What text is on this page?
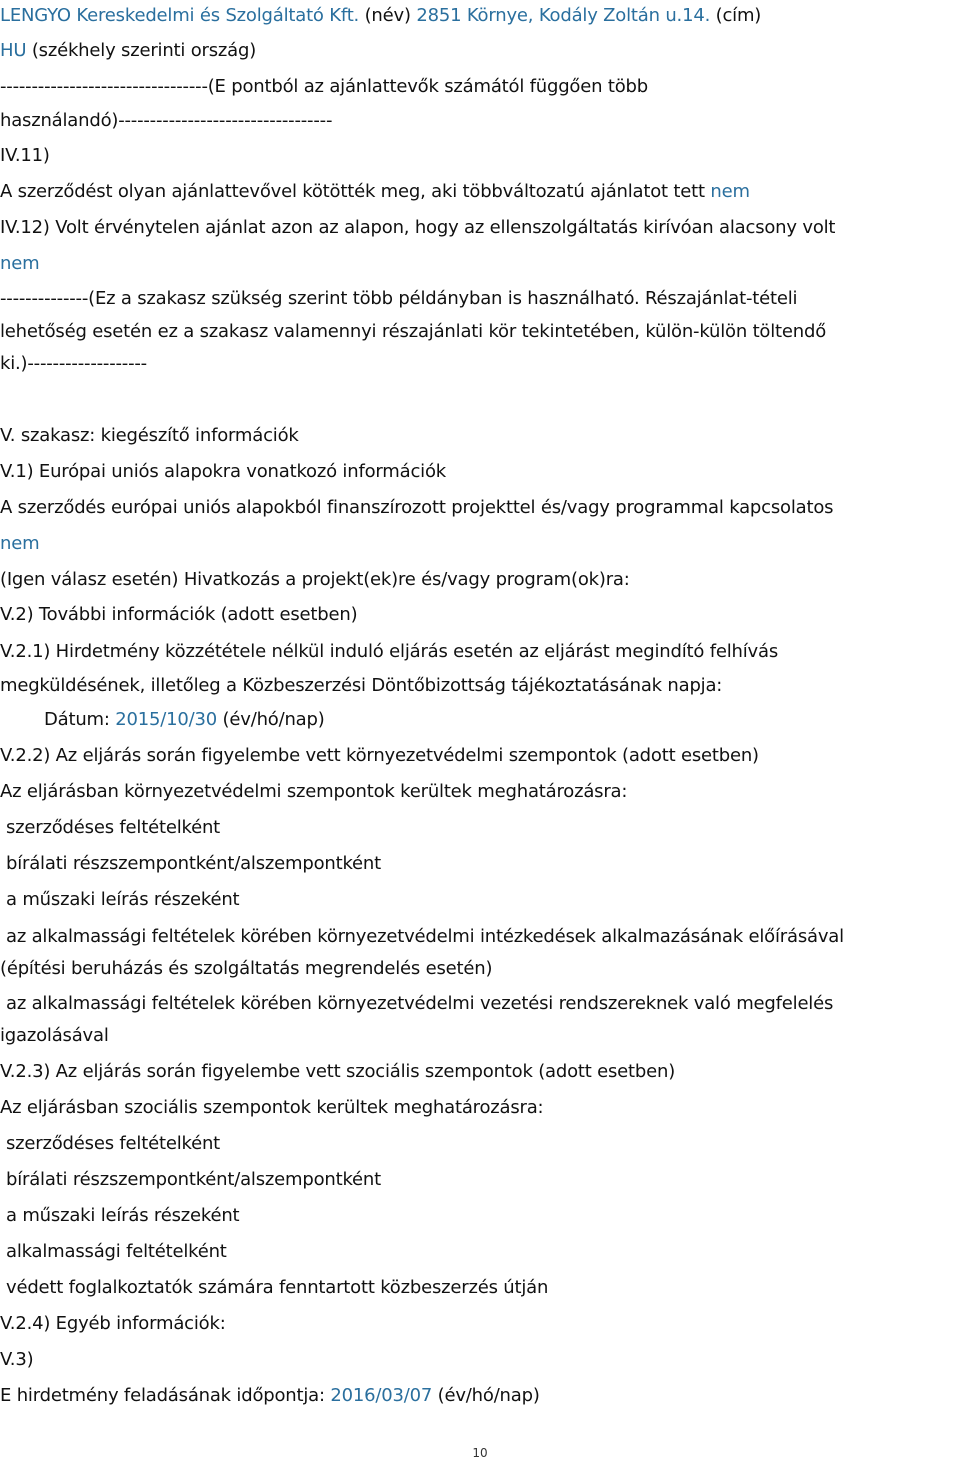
LENGYO Kereskedelmi és Szolgáltató Kft. (név) 2851 Környe, Kodály Zoltán u.14. (cím)
HU (székhely szerinti ország)
---------------------------------(E pontból az ajánlattevők számától függően több
használandó)----------------------------------
IV.11)
A szerződést olyan ajánlattevővel kötötték meg, aki többváltozatú ajánlatot tett nem
IV.12) Volt érvénytelen ajánlat azon az alapon, hogy az ellenszolgáltatás kirívóan alacsony volt
nem
--------------(Ez a szakasz szükség szerint több példányban is használható. Részajánlat-tételi
lehetőség esetén ez a szakasz valamennyi részajánlati kör tekintetében, külön-külön töltendő
ki.)-------------------
V. szakasz: kiegészítő információk
V.1) Európai uniós alapokra vonatkozó információk
A szerződés európai uniós alapokból finanszírozott projekttel és/vagy programmal kapcsolatos
nem
(Igen válasz esetén) Hivatkozás a projekt(ek)re és/vagy program(ok)ra:
V.2) További információk (adott esetben)
V.2.1) Hirdetmény közzététele nélkül induló eljárás esetén az eljárást megindító felhívás
megküldésének, illetőleg a Közbeszerzési Döntőbizottság tájékoztatásának napja:
Dátum: 2015/10/30 (év/hó/nap)
V.2.2) Az eljárás során figyelembe vett környezetvédelmi szempontok (adott esetben)
Az eljárásban környezetvédelmi szempontok kerültek meghatározásra:
szerződéses feltételként
bírálati részszempontként/alszempontként
a műszaki leírás részeként
az alkalmassági feltételek körében környezetvédelmi intézkedések alkalmazásának előírásával
(építési beruházás és szolgáltatás megrendelés esetén)
az alkalmassági feltételek körében környezetvédelmi vezetési rendszereknek való megfelelés
igazolásával
V.2.3) Az eljárás során figyelembe vett szociális szempontok (adott esetben)
Az eljárásban szociális szempontok kerültek meghatározásra:
szerződéses feltételként
bírálati részszempontként/alszempontként
a műszaki leírás részeként
alkalmassági feltételként
védett foglalkoztatók számára fenntartott közbeszerzés útján
V.2.4) Egyéb információk:
V.3)
E hirdetmény feladásának időpontja: 2016/03/07 (év/hó/nap)
10
